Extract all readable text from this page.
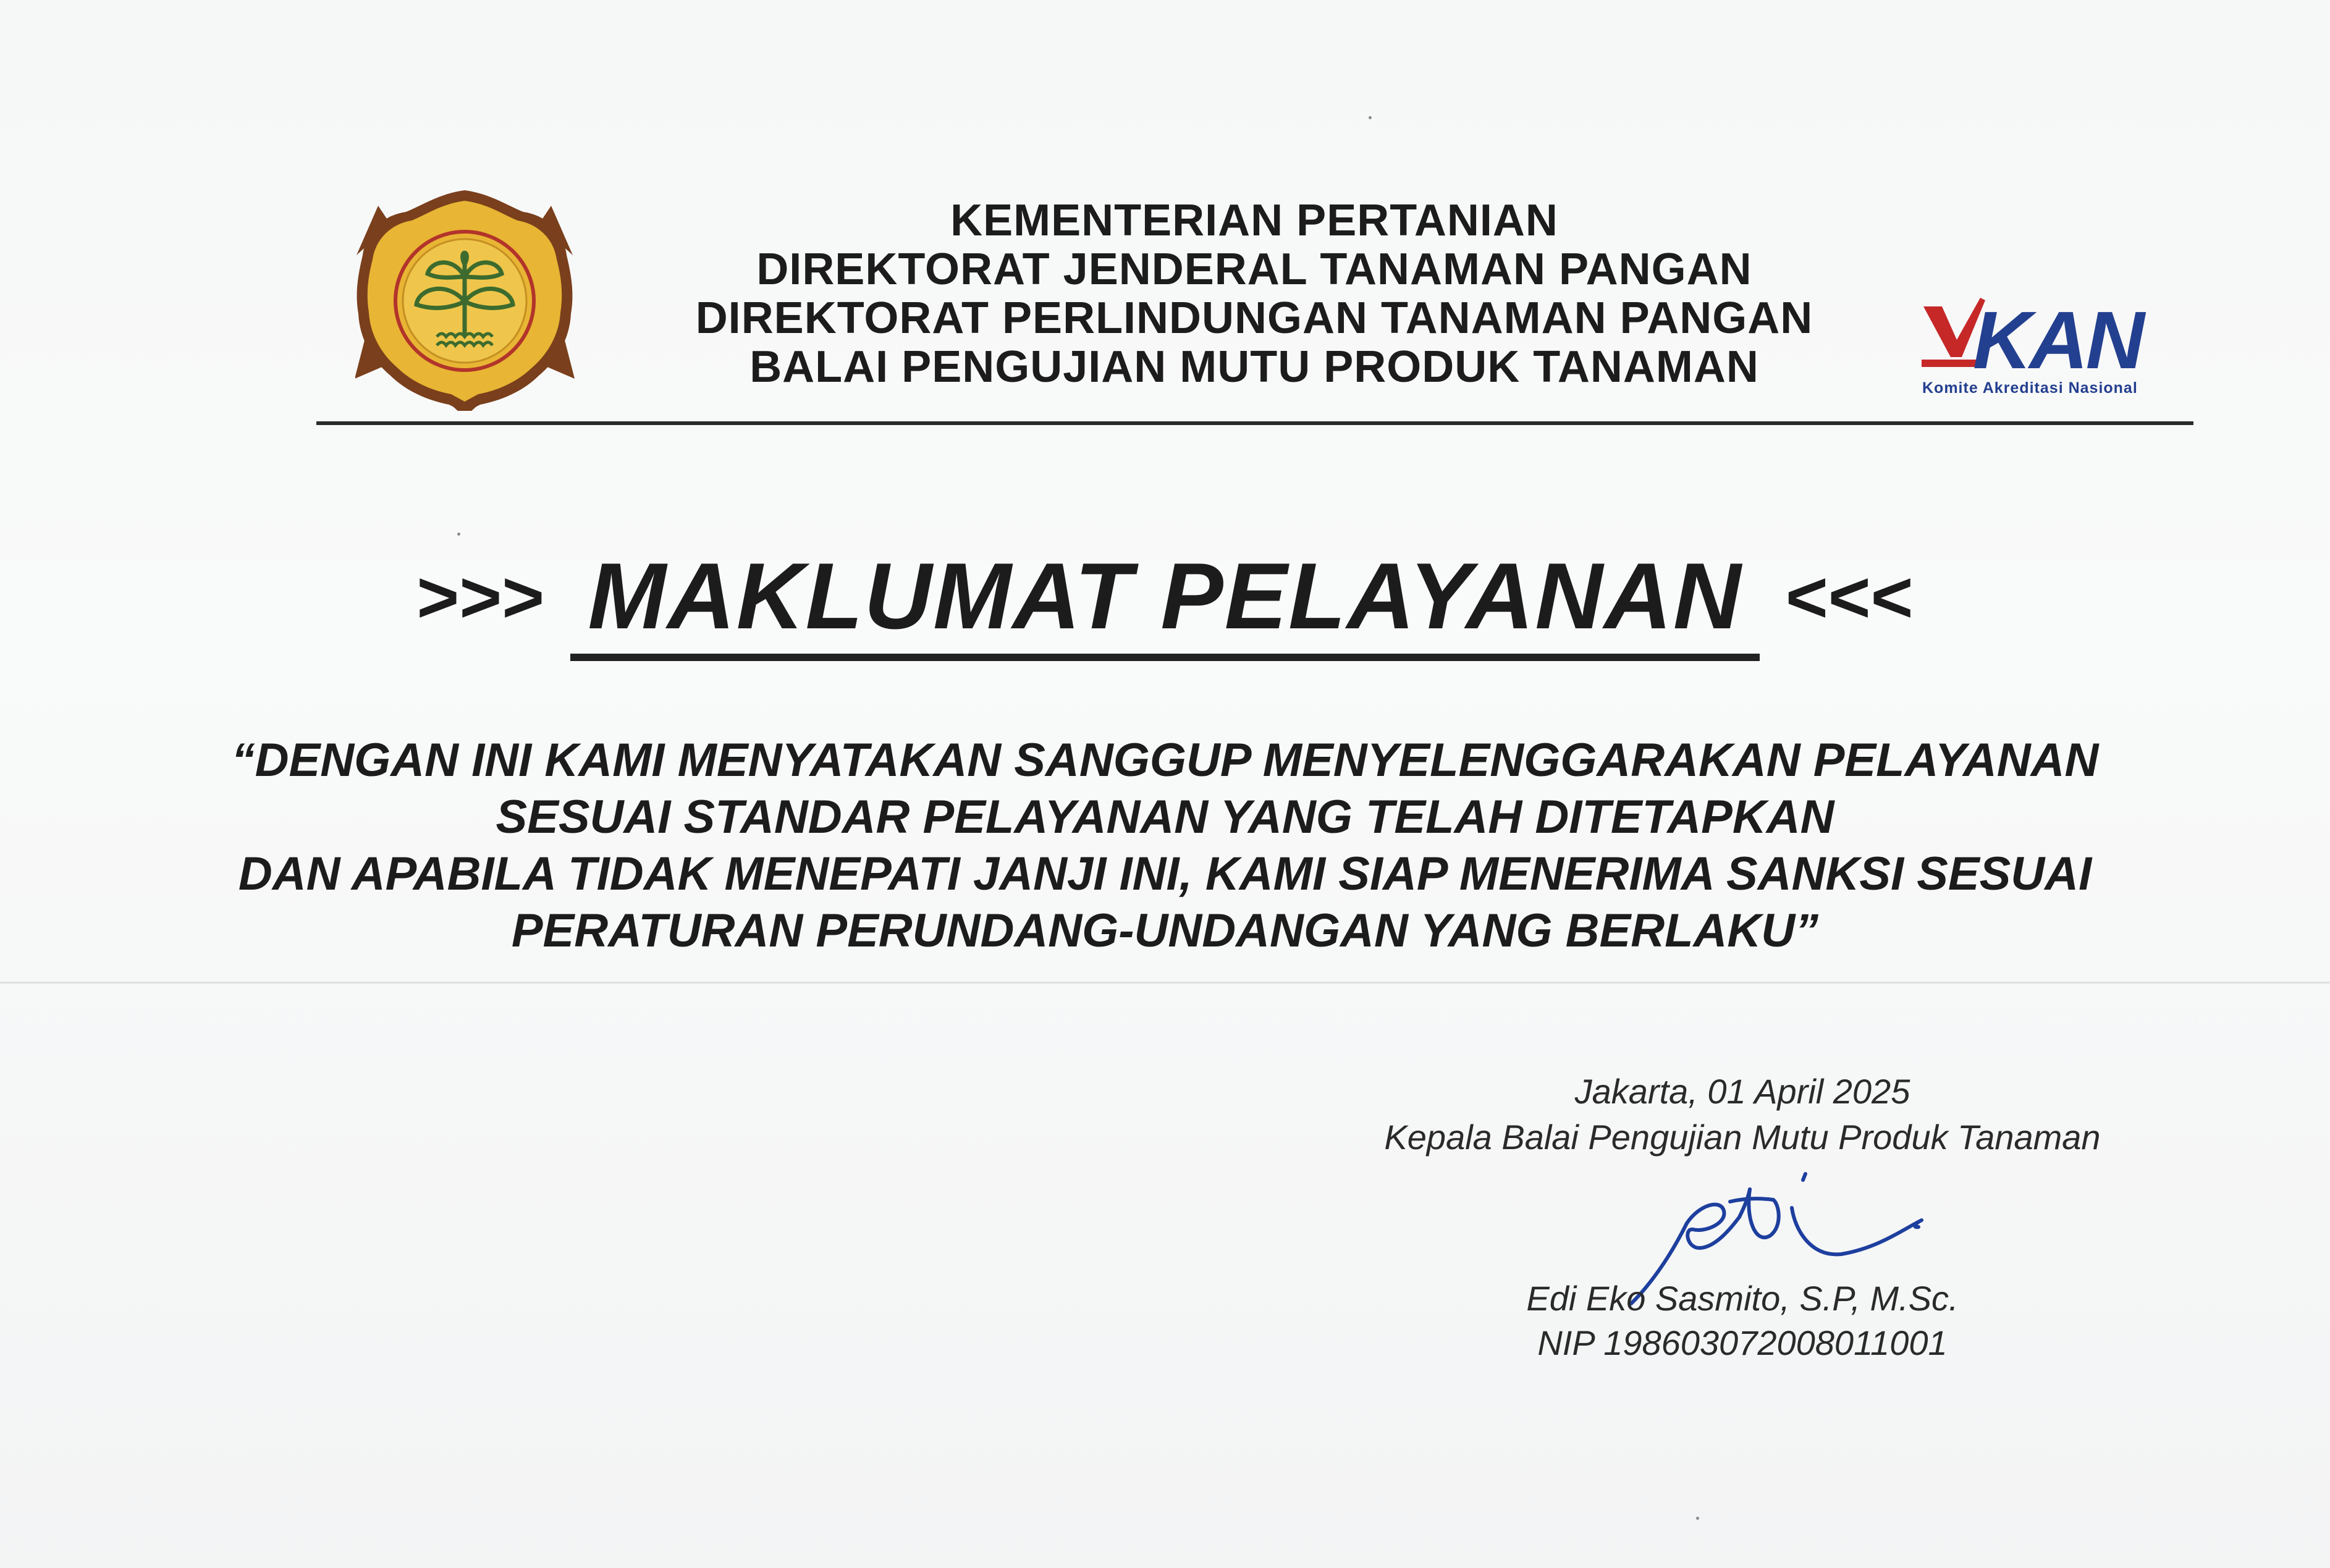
KEMENTERIAN PERTANIAN
DIREKTORAT JENDERAL TANAMAN PANGAN
DIREKTORAT PERLINDUNGAN TANAMAN PANGAN
BALAI PENGUJIAN MUTU PRODUK TANAMAN	KAN
Komite Akreditasi Nasional
>>> MAKLUMAT PELAYANAN <<<
“DENGAN INI KAMI MENYATAKAN SANGGUP MENYELENGGARAKAN PELAYANAN
SESUAI STANDAR PELAYANAN YANG TELAH DITETAPKAN
DAN APABILA TIDAK MENEPATI JANJI INI, KAMI SIAP MENERIMA SANKSI SESUAI
PERATURAN PERUNDANG-UNDANGAN YANG BERLAKU”
Jakarta, 01 April 2025
Kepala Balai Pengujian Mutu Produk Tanaman
Edi Eko Sasmito, S.P, M.Sc.
NIP 198603072008011001
